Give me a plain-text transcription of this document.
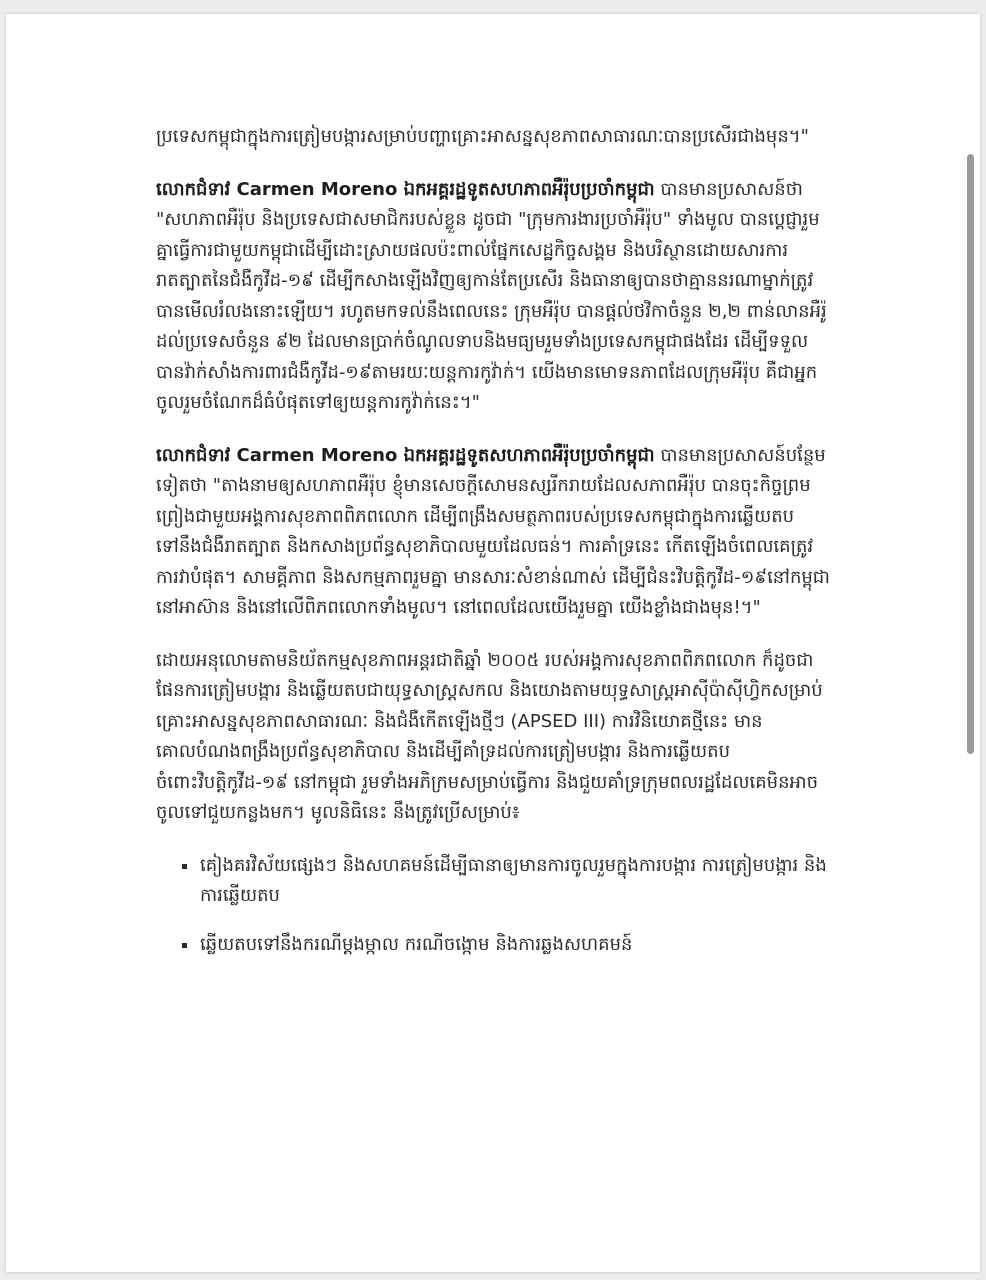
ប្រទេសកម្ពុជាក្នុងការត្រៀមបង្ការសម្រាប់បញ្ហាគ្រោះអាសន្នសុខភាពសាធារណៈបានប្រសើរជាងមុន។"

លោកជំទាវ Carmen Moreno ឯកអគ្គរដ្ឋទូតសហភាពអឺរ៉ុបប្រចាំកម្ពុជា បានមានប្រសាសន៍ថា "សហភាពអឺរ៉ុប និងប្រទេសជាសមាជិករបស់ខ្លួន ដូចជា "ក្រុមការងារប្រចាំអឺរ៉ុប" ទាំងមូល បានប្តេជ្ញារួមគ្នាធ្វើការជាមួយកម្ពុជាដើម្បីដោះស្រាយផលប៉ះពាល់ផ្នែកសេដ្ឋកិច្ចសង្គម និងបរិស្ថានដោយសារការរាតត្បាតនៃជំងឺកូវីដ-១៩ ដើម្បីកសាងឡើងវិញឲ្យកាន់តែប្រសើរ និងធានាឲ្យបានថាគ្មាននរណាម្នាក់ត្រូវបានមើលរំលងនោះឡើយ។ រហូតមកទល់នឹងពេលនេះ ក្រុមអឺរ៉ុប បានផ្តល់ថវិកាចំនួន ២,២ ពាន់លានអឺរ៉ូ ដល់ប្រទេសចំនួន ៩២ ដែលមានប្រាក់ចំណូលទាបនិងមធ្យមរួមទាំងប្រទេសកម្ពុជាផងដែរ ដើម្បីទទួលបានវ៉ាក់សាំងការពារជំងឺកូវីដ-១៩តាមរយៈយន្តការកូវ៉ាក់។ យើងមានមោទនភាពដែលក្រុមអឺរ៉ុប គឺជាអ្នកចូលរួមចំណែកដ៏ធំបំផុតទៅឲ្យយន្តការកូវ៉ាក់នេះ។"

លោកជំទាវ Carmen Moreno ឯកអគ្គរដ្ឋទូតសហភាពអឺរ៉ុបប្រចាំកម្ពុជា បានមានប្រសាសន៍បន្ថែមទៀតថា "តាងនាមឲ្យសហភាពអឺរ៉ុប ខ្ញុំមានសេចក្តីសោមនស្សរីករាយដែលសភាពអឺរ៉ុប បានចុះកិច្ចព្រមព្រៀងជាមួយអង្គការសុខភាពពិភពលោក ដើម្បីពង្រឹងសមត្ថភាពរបស់ប្រទេសកម្ពុជាក្នុងការឆ្លើយតបទៅនឹងជំងឺរាតត្បាត និងកសាងប្រព័ន្ធសុខាភិបាលមួយដែលធន់។ ការគាំទ្រនេះ កើតឡើងចំពេលគេត្រូវការវាបំផុត។ សាមគ្គីភាព និងសកម្មភាពរួមគ្នា មានសារៈសំខាន់ណាស់ ដើម្បីជំនះវិបត្តិកូវីដ-១៩នៅកម្ពុជា នៅអាស៊ាន និងនៅលើពិភពលោកទាំងមូល។ នៅពេលដែលយើងរួមគ្នា យើងខ្លាំងជាងមុន!។"

ដោយអនុលោមតាមនិយ័តកម្មសុខភាពអន្តរជាតិឆ្នាំ ២០០៥ របស់អង្គការសុខភាពពិភពលោក ក៏ដូចជាផែនការត្រៀមបង្ការ និងឆ្លើយតបជាយុទ្ធសាស្ត្រសកល និងយោងតាមយុទ្ធសាស្ត្រអាស៊ីប៉ាស៊ីហ្វិកសម្រាប់គ្រោះអាសន្នសុខភាពសាធារណៈ និងជំងឺកើតឡើងថ្មីៗ (APSED III) ការវិនិយោគថ្មីនេះ មានគោលបំណងពង្រឹងប្រព័ន្ធសុខាភិបាល និងដើម្បីគាំទ្រដល់ការត្រៀមបង្ការ និងការឆ្លើយតបចំពោះវិបត្តិកូវីដ-១៩ នៅកម្ពុជា រួមទាំងអភិក្រមសម្រាប់ធ្វើការ និងជួយគាំទ្រក្រុមពលរដ្ឋដែលគេមិនអាចចូលទៅជួយកន្លងមក។ មូលនិធិនេះ នឹងត្រូវប្រើសម្រាប់៖

គៀងគរវិស័យផ្សេងៗ និងសហគមន៍ដើម្បីធានាឲ្យមានការចូលរួមក្នុងការបង្ការ ការត្រៀមបង្ការ និងការឆ្លើយតប
ឆ្លើយតបទៅនឹងករណីម្តងម្កាល ករណីចង្កោម និងការឆ្លងសហគមន៍
